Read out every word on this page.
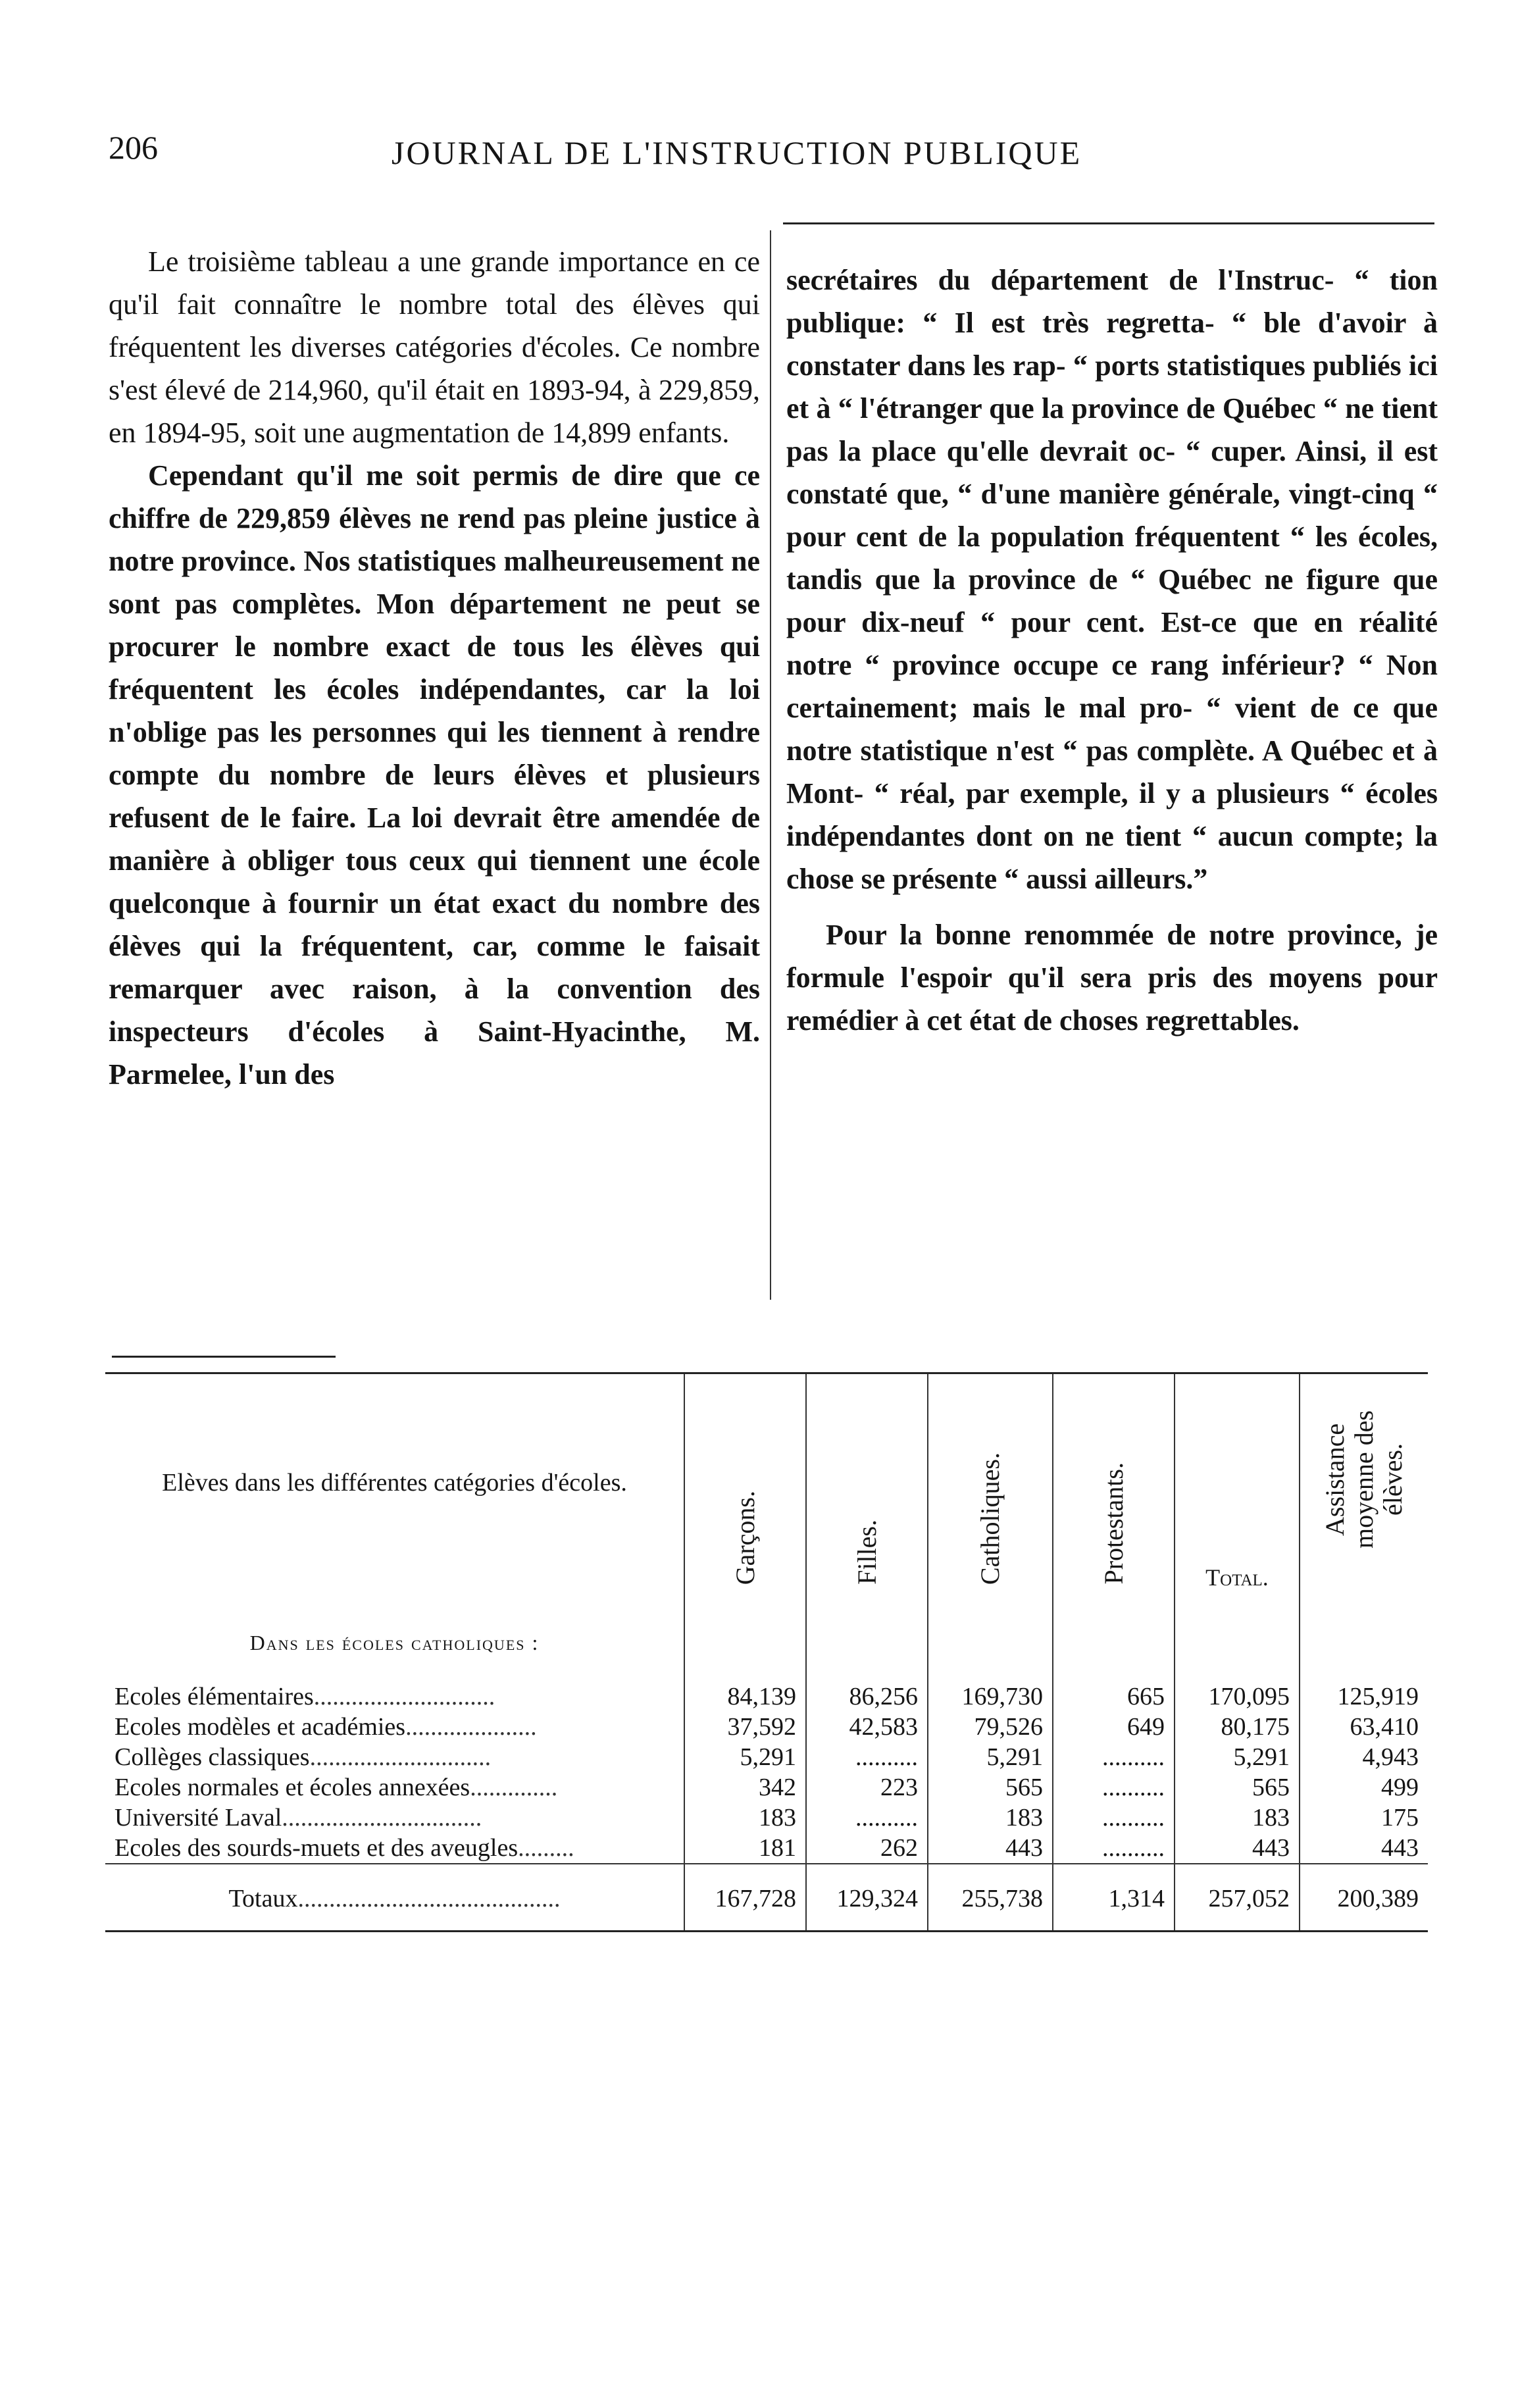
206	JOURNAL DE L'INSTRUCTION PUBLIQUE

Le troisième tableau a une grande importance en ce qu'il fait connaître le nombre total des élèves qui fréquentent les diverses catégories d'écoles. Ce nombre s'est élevé de 214,960, qu'il était en 1893-94, à 229,859, en 1894-95, soit une augmentation de 14,899 enfants.

Cependant qu'il me soit permis de dire que ce chiffre de 229,859 élèves ne rend pas pleine justice à notre province. Nos statistiques malheureusement ne sont pas complètes. Mon département ne peut se procurer le nombre exact de tous les élèves qui fréquentent les écoles indépendantes, car la loi n'oblige pas les personnes qui les tiennent à rendre compte du nombre de leurs élèves et plusieurs refusent de le faire. La loi devrait être amendée de manière à obliger tous ceux qui tiennent une école quelconque à fournir un état exact du nombre des élèves qui la fréquentent, car, comme le faisait remarquer avec raison, à la convention des inspecteurs d'écoles à Saint-Hyacinthe, M. Parmelee, l'un des

secrétaires du département de l'Instruc- “ tion publique: “ Il est très regretta- “ ble d'avoir à constater dans les rap- “ ports statistiques publiés ici et à “ l'étranger que la province de Québec “ ne tient pas la place qu'elle devrait oc- “ cuper. Ainsi, il est constaté que, “ d'une manière générale, vingt-cinq “ pour cent de la population fréquentent “ les écoles, tandis que la province de “ Québec ne figure que pour dix-neuf “ pour cent. Est-ce que en réalité notre “ province occupe ce rang inférieur? “ Non certainement; mais le mal pro- “ vient de ce que notre statistique n'est “ pas complète. A Québec et à Mont- “ réal, par exemple, il y a plusieurs “ écoles indépendantes dont on ne tient “ aucun compte; la chose se présente “ aussi ailleurs.”

Pour la bonne renommée de notre province, je formule l'espoir qu'il sera pris des moyens pour remédier à cet état de choses regrettables.

Elèves dans les différentes catégories d'écoles.	Garçons.	Filles.	Catholiques.	Protestants.	Total.	Assistance moyenne des élèves.
Dans les écoles catholiques :						
Ecoles élémentaires.............................	84,139	86,256	169,730	665	170,095	125,919
Ecoles modèles et académies.....................	37,592	42,583	79,526	649	80,175	63,410
Collèges classiques.............................	5,291	..........	5,291	..........	5,291	4,943
Ecoles normales et écoles annexées..............	342	223	565	..........	565	499
Université Laval................................	183	..........	183	..........	183	175
Ecoles des sourds-muets et des aveugles.........	181	262	443	..........	443	443
Totaux..........................................	167,728	129,324	255,738	1,314	257,052	200,389
